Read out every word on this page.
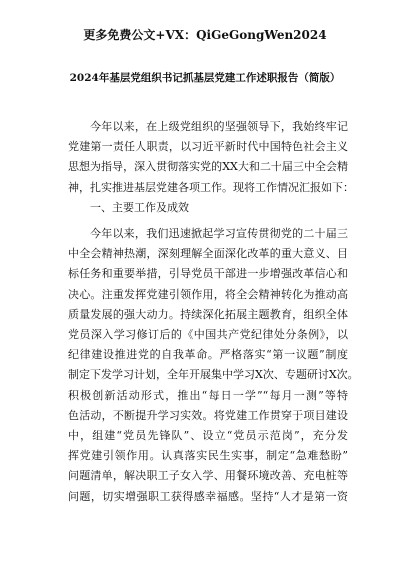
更多免费公文+VX：QiGeGongWen2024
2024年基层党组织书记抓基层党建工作述职报告（简版）
今年以来，在上级党组织的坚强领导下，我始终牢记
党建第一责任人职责，以习近平新时代中国特色社会主义
思想为指导，深入贯彻落实党的XX大和二十届三中全会精
神，扎实推进基层党建各项工作。现将工作情况汇报如下：
一、主要工作及成效
今年以来，我们迅速掀起学习宣传贯彻党的二十届三
中全会精神热潮，深刻理解全面深化改革的重大意义、目
标任务和重要举措，引导党员干部进一步增强改革信心和
决心。注重发挥党建引领作用，将全会精神转化为推动高
质量发展的强大动力。持续深化拓展主题教育，组织全体
党员深入学习修订后的《中国共产党纪律处分条例》，以
纪律建设推进党的自我革命。严格落实“第一议题”制度
制定下发学习计划，全年开展集中学习X次、专题研讨X次。
积极创新活动形式，推出“每日一学”“每月一测”等特
色活动，不断提升学习实效。将党建工作贯穿于项目建设
中，组建“党员先锋队”、设立“党员示范岗”，充分发
挥党建引领作用。认真落实民生实事，制定“急难愁盼”
问题清单，解决职工子女入学、用餐环境改善、充电桩等
问题，切实增强职工获得感幸福感。坚持“人才是第一资
